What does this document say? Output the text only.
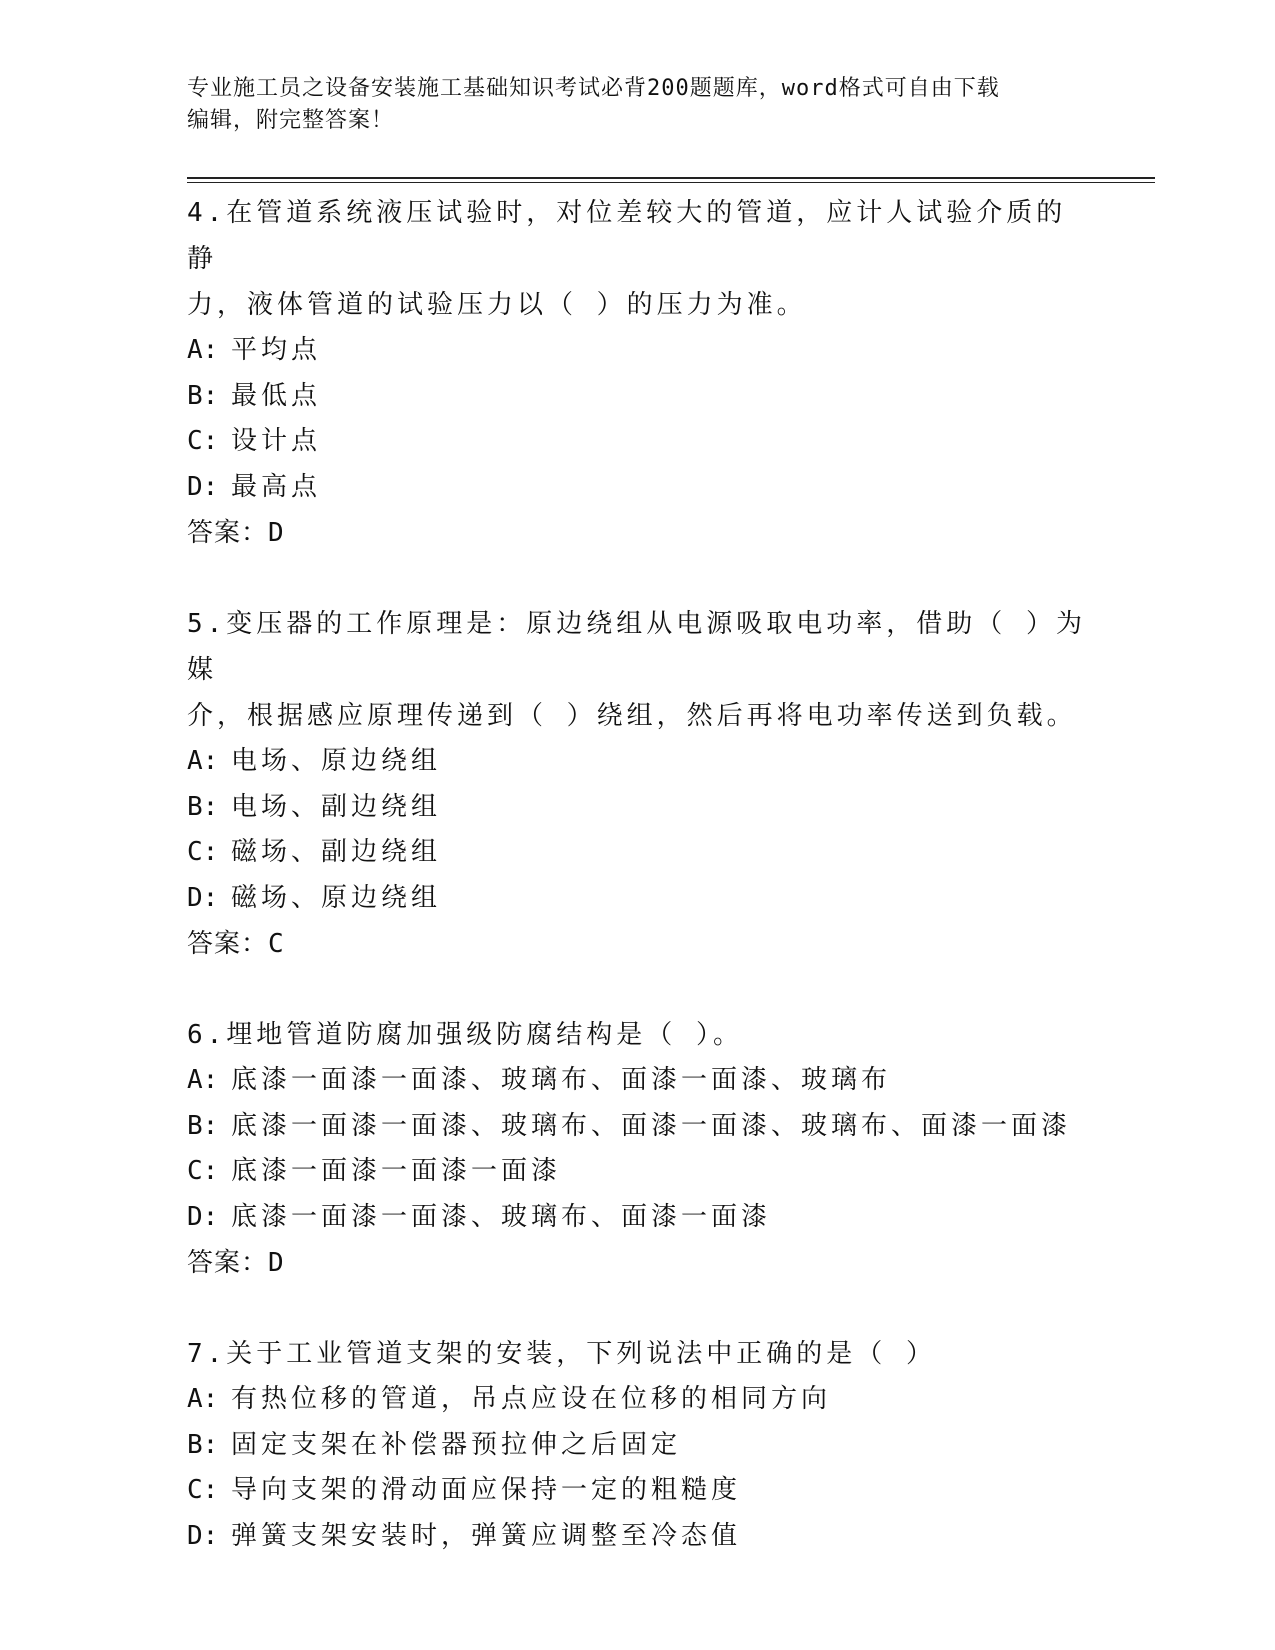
专业施工员之设备安装施工基础知识考试必背200题题库，word格式可自由下载
编辑，附完整答案！

4.在管道系统液压试验时，对位差较大的管道，应计人试验介质的静

力，液体管道的试验压力以（ ）的压力为准。

A: 平均点

B: 最低点

C: 设计点

D: 最高点

答案：D

5.变压器的工作原理是：原边绕组从电源吸取电功率，借助（ ）为媒

介，根据感应原理传递到（ ）绕组，然后再将电功率传送到负载。

A: 电场、原边绕组

B: 电场、副边绕组

C: 磁场、副边绕组

D: 磁场、原边绕组

答案：C

6.埋地管道防腐加强级防腐结构是（ ）。

A: 底漆一面漆一面漆、玻璃布、面漆一面漆、玻璃布

B: 底漆一面漆一面漆、玻璃布、面漆一面漆、玻璃布、面漆一面漆

C: 底漆一面漆一面漆一面漆

D: 底漆一面漆一面漆、玻璃布、面漆一面漆

答案：D

7.关于工业管道支架的安装，下列说法中正确的是（ ）

A: 有热位移的管道，吊点应设在位移的相同方向

B: 固定支架在补偿器预拉伸之后固定

C: 导向支架的滑动面应保持一定的粗糙度

D: 弹簧支架安装时，弹簧应调整至冷态值
